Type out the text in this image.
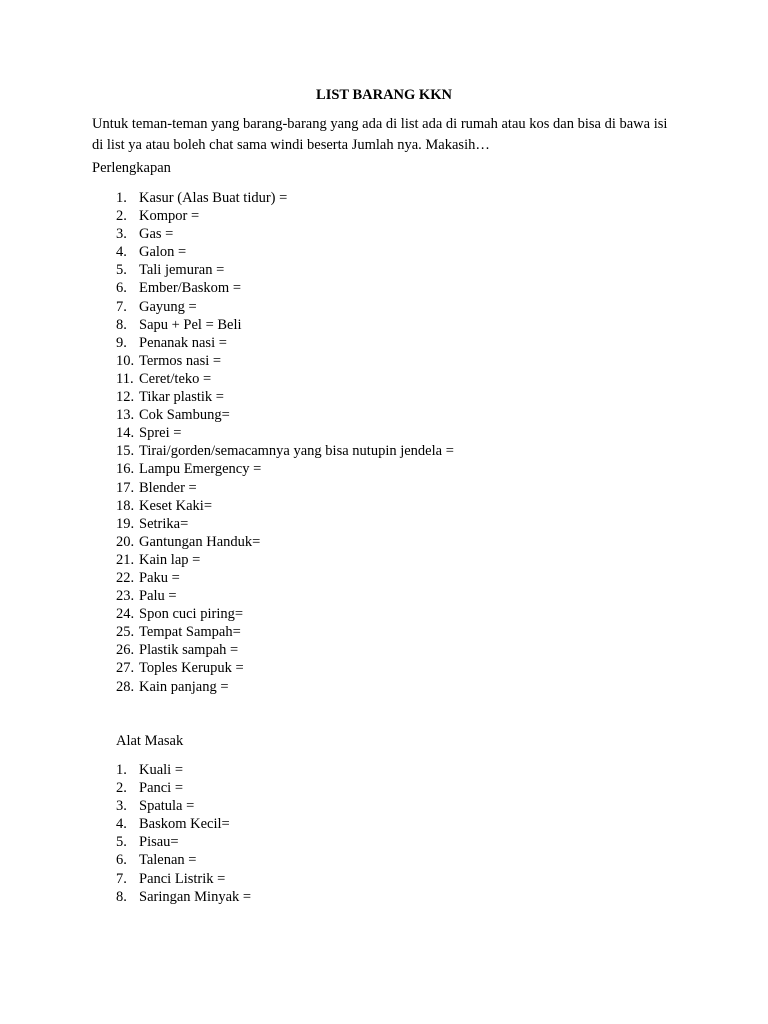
LIST BARANG KKN
Untuk teman-teman yang barang-barang yang ada di list ada di rumah atau kos dan bisa di bawa isi di list ya atau boleh chat sama windi beserta Jumlah nya. Makasih…
Perlengkapan
1. Kasur (Alas Buat tidur) =
2. Kompor =
3. Gas =
4. Galon =
5. Tali jemuran =
6. Ember/Baskom =
7. Gayung =
8. Sapu + Pel = Beli
9. Penanak nasi =
10. Termos nasi =
11. Ceret/teko =
12. Tikar plastik =
13. Cok Sambung=
14. Sprei =
15. Tirai/gorden/semacamnya yang bisa nutupin jendela =
16. Lampu Emergency =
17. Blender =
18. Keset Kaki=
19. Setrika=
20. Gantungan Handuk=
21. Kain lap =
22. Paku =
23. Palu =
24. Spon cuci piring=
25. Tempat Sampah=
26. Plastik sampah =
27. Toples Kerupuk =
28. Kain panjang =
Alat Masak
1. Kuali =
2. Panci =
3. Spatula =
4. Baskom Kecil=
5. Pisau=
6. Talenan =
7. Panci Listrik =
8. Saringan Minyak =
